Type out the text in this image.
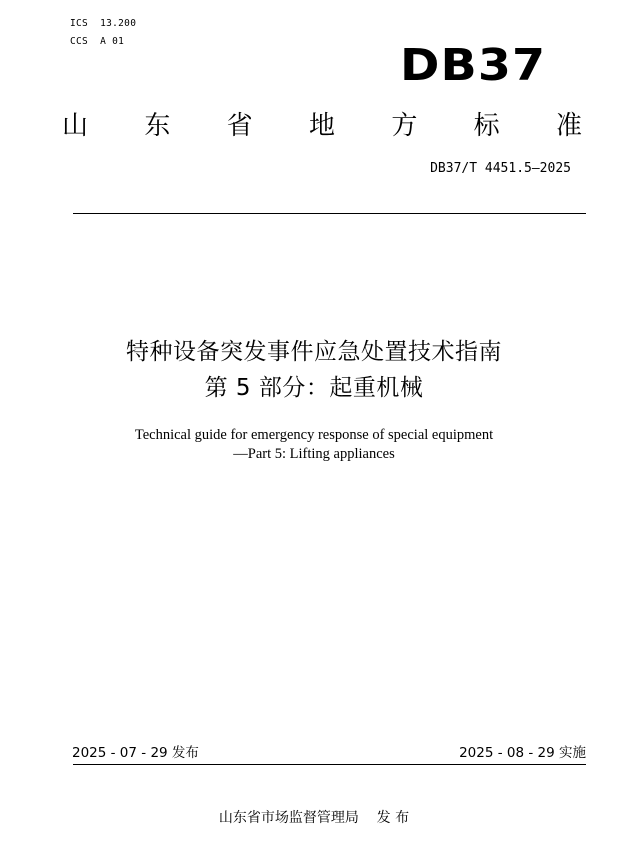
ICS  13.200
CCS  A 01	DB37
山 东 省 地 方 标 准
DB37/T 4451.5—2025
特种设备突发事件应急处置技术指南
第 5 部分：起重机械
Technical guide for emergency response of special equipment
—Part 5: Lifting appliances
2025 - 07 - 29 发布	2025 - 08 - 29 实施
山东省市场监督管理局    发 布
